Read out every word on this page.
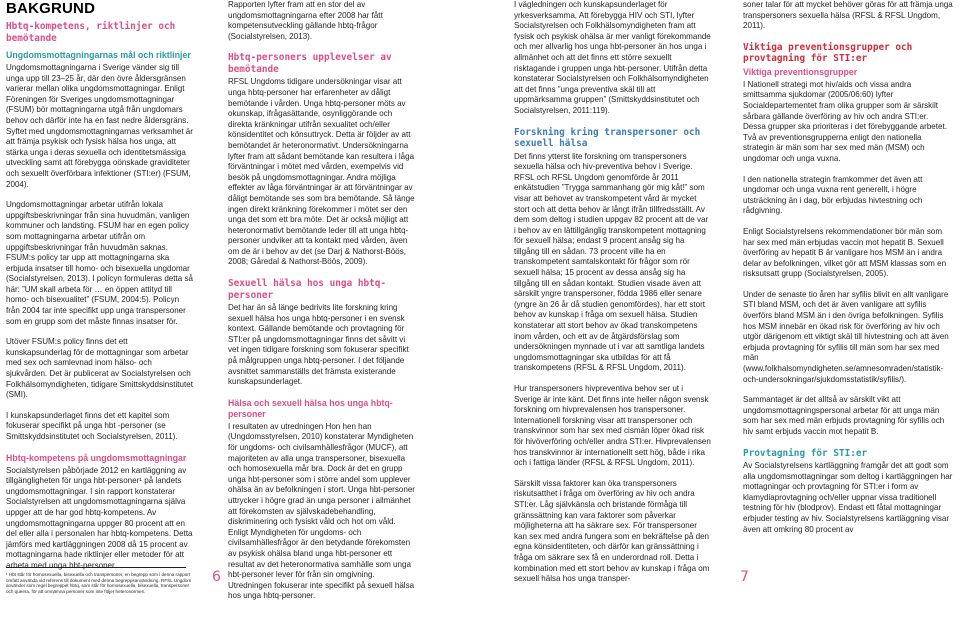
BAKGRUND
Hbtq-kompetens, riktlinjer och bemötande
Ungdomsmottagningarnas mål och riktlinjer

Ungdomsmottagningarna i Sverige vänder sig till unga upp till 23–25 år, där den övre åldersgränsen varierar mellan olika ungdomsmottagningar. Enligt Föreningen för Sveriges ungdomsmottagningar (FSUM) bör mottagningarna utgå från ungdomars behov och därför inte ha en fast nedre åldersgräns. Syftet med ungdomsmottagningarnas verksamhet är att främja psykisk och fysisk hälsa hos unga, att stärka unga i deras sexuella och identitetsmässiga utveckling samt att förebygga oönskade graviditeter och sexuellt överförbara infektioner (STI:er) (FSUM, 2004).

Ungdomsmottagningar arbetar utifrån lokala uppgiftsbeskrivningar från sina huvudmän, vanligen kommuner och landsting. FSUM har en egen policy som mottagningarna arbetar utifrån om uppgiftsbeskrivningar från huvudmän saknas. FSUM:s policy tar upp att mottagningarna ska erbjuda insatser till homo- och bisexuella ungdomar (Socialstyrelsen, 2013). I policyn formuleras detta så här: ”UM skall arbeta för … en öppen attityd till homo- och bisexualitet” (FSUM, 2004:5). Policyn från 2004 tar inte specifikt upp unga transpersoner som en grupp som det måste finnas insatser för.

Utöver FSUM:s policy finns det ett kunskapsunderlag för de mottagningar som arbetar med sex och samlevnad inom hälso- och sjukvården. Det är publicerat av Socialstyrelsen och Folkhälsomyndigheten, tidigare Smittskyddsinstitutet (SMI).

I kunskapsunderlaget finns det ett kapitel som fokuserar specifikt på unga hbt -personer (se Smittskyddsinstitutet och Socialstyrelsen, 2011).

Hbtq-kompetens på ungdomsmottagningar

Socialstyrelsen påbörjade 2012 en kartläggning av tillgängligheten för unga hbt-personer¹ på landets ungdomsmottagningar. I sin rapport konstaterar Socialstyrelsen att ungdomsmottagningarna själva uppger att de har god hbtq-kompetens. Av ungdomsmottagningarna uppger 80 procent att en del eller alla i personalen har hbtq-kompetens. Detta jämförs med kartläggningen 2008 då 15 procent av mottagningarna hade riktlinjer eller metoder för att arbeta med unga hbt-personer.

Rapporten lyfter fram att en stor del av ungdomsmottagningarna efter 2008 har fått kompetensutveckling gällande hbtq-frågor (Socialstyrelsen, 2013).

Hbtq-personers upplevelser av bemötande

RFSL Ungdoms tidigare undersökningar visar att unga hbtq-personer har erfarenheter av dåligt bemötande i vården. Unga hbtq-personer möts av okunskap, ifrågasättande, osynliggörande och direkta kränkningar utifrån sexualitet och/eller könsidentitet och könsuttryck. Detta är följder av att bemötandet är heteronormativt. Undersökningarna lyfter fram att sådant bemötande kan resultera i låga förväntningar i mötet med vården, exempelvis vid besök på ungdomsmottagningar. Andra möjliga effekter av låga förväntningar är att förväntningar av dåligt bemötande ses som bra bemötande. Så länge ingen direkt kränkning förekommer i mötet ser den unga det som ett bra möte. Det är också möjligt att heteronormativt bemötande leder till att unga hbtq-personer undviker att ta kontakt med vården, även om de är i behov av det (se Darj & Nathorst-Böös, 2008; Gåredal & Nathorst-Böös, 2009).

Sexuell hälsa hos unga hbtq-personer

Det har än så länge bedrivits lite forskning kring sexuell hälsa hos unga hbtq-personer i en svensk kontext. Gällande bemötande och provtagning för STI:er på ungdomsmottagningar finns det såvitt vi vet ingen tidigare forskning som fokuserar specifikt på målgruppen unga hbtq-personer. I det följande avsnittet sammanställs det främsta existerande kunskapsunderlaget.

Hälsa och sexuell hälsa hos unga hbtq-personer

I resultaten av utredningen Hon hen han (Ungdomsstyrelsen, 2010) konstaterar Myndigheten för ungdoms- och civilsamhällesfrågor (MUCF), att majoriteten av alla unga transpersoner, bisexuella och homosexuella mår bra. Dock är det en grupp unga hbt-personer som i större andel som upplever ohälsa än av befolkningen i stort. Unga hbt-personer uttrycker i högre grad än unga personer i allmänhet att förekomsten av självskadebehandling, diskriminering och fysiskt våld och hot om våld. Enligt Myndigheten för ungdoms- och civilsamhällesfrågor är den betydande förekomsten av psykisk ohälsa bland unga hbt-personer ett resultat av det heteronormativa samhälle som unga hbt-personer lever för från sin omgivning. Utredningen fokuserar inte specifikt på sexuell hälsa hos unga hbtq-personer.

I vägledningen och kunskapsunderlaget för yrkesverksamma, Att förebygga HIV och STI, lyfter Socialstyrelsen och Folkhälsomyndigheten fram att fysisk och psykisk ohälsa är mer vanligt förekommande och mer allvarlig hos unga hbt-personer än hos unga i allmänhet och att det finns ett större sexuellt risktagande i gruppen unga hbt-personer. Utifrån detta konstaterar Socialstyrelsen och Folkhälsomyndigheten att det finns ”unga preventiva skäl till att uppmärksamma gruppen” (Smittskyddsinstitutet och Socialstyrelsen, 2011:119).

Forskning kring transpersoner och sexuell hälsa

Det finns ytterst lite forskning om transpersoners sexuella hälsa och hiv-preventiva behov i Sverige. RFSL och RFSL Ungdom genomförde år 2011 enkätstudien ”Trygga sammanhang gör mig kåt!” som visar att behovet av transkompetent vård är mycket stort och att detta behov är långt ifrån tillfredsställt. Av dem som deltog i studien uppgav 82 procent att de var i behov av en lättillgänglig transkompetent mottagning för sexuell hälsa; endast 9 procent ansåg sig ha tillgång till en sådan. 73 procent ville ha en transkompetent samtalskontakt för frågor som rör sexuell hälsa; 15 procent av dessa ansåg sig ha tillgång till en sådan kontakt. Studien visade även att särskilt yngre transpersoner, födda 1986 eller senare (yngre än 26 år då studien genomfördes), har ett stort behov av kunskap i fråga om sexuell hälsa. Studien konstaterar att stort behov av ökad transkompetens inom vården, och ett av de åtgärdsförslag som undersökningen mynnade ut i var att samtliga landets ungdomsmottagningar ska utbildas för att få transkompetens (RFSL & RFSL Ungdom, 2011).

Hur transpersoners hivpreventiva behov ser ut i Sverige är inte känt. Det finns inte heller någon svensk forskning om hivprevalensen hos transpersoner. Internationell forskning visar att transpersoner och transkvinnor som har sex med cismän löper ökad risk för hivöverföring och/eller andra STI:er. Hivprevalensen hos transkvinnor är internationellt sett hög, både i rika och i fattiga länder (RFSL & RFSL Ungdom, 2011).

Särskilt vissa faktorer kan öka transpersoners riskutsatthet i fråga om överföring av hiv och andra STI:er. Låg självkänsla och bristande förmåga till gränssättning kan vara faktorer som påverkar möjligheterna att ha säkrare sex. För transpersoner kan sex med andra fungera som en bekräftelse på den egna könsidentiteten, och därför kan gränssättning i fråga om säkrare sex få en underordnad roll. Detta i kombination med ett stort behov av kunskap i fråga om sexuell hälsa hos unga transper-

soner talar för att mycket behöver göras för att främja unga transpersoners sexuella hälsa (RFSL & RFSL Ungdom, 2011).

Viktiga preventionsgrupper och provtagning för STI:er
Viktiga preventionsgrupper

I Nationell strategi mot hiv/aids och vissa andra smittsamma sjukdomar (2005/06:60) lyfter Socialdepartementet fram olika grupper som är särskilt sårbara gällande överföring av hiv och andra STI:er. Dessa grupper ska prioriteras i det förebyggande arbetet. Två av preventionsgrupperna enligt den nationella strategin är män som har sex med män (MSM) och ungdomar och unga vuxna.

I den nationella strategin framkommer det även att ungdomar och unga vuxna rent generellt, i högre utsträckning än i dag, bör erbjudas hivtestning och rådgivning.

Enligt Socialstyrelsens rekommendationer bör män som har sex med män erbjudas vaccin mot hepatit B. Sexuell överföring av hepatit B är vanligare hos MSM än i andra delar av befolkningen, vilket gör att MSM klassas som en risksutsatt grupp (Socialstyrelsen, 2005).

Under de senaste tio åren har syfilis blivit en allt vanligare STI bland MSM, och det är även vanligare att syfilis överförs bland MSM än i den övriga befolkningen. Syfilis hos MSM innebär en ökad risk för överföring av hiv och utgör därigenom ett viktigt skäl till hivtestning och att även erbjuda provtagning för syfilis till män som har sex med män (www.folkhalsomyndigheten.se/amnesomraden/statistik-och-undersokningar/sjukdomsstatistik/syfilis/).

Sammantaget är det alltså av särskilt vikt att ungdomsmottagningspersonal arbetar för att unga män som har sex med män erbjuds provtagning för syfilis och hiv samt erbjuds vaccin mot hepatit B.

Provtagning för STI:er

Av Socialstyrelsens kartläggning framgår det att godt som alla ungdomsmottagningar som deltog i kartläggningen har mottagningar och provtagning för STI:er i form av klamydiaprovtagning och/eller uppnar vissa traditionell testning för hiv (blodprov). Endast ett fåtal mottagningar erbjuder testing av hiv. Socialstyrelsens kartläggning visar även att omkring 80 procent av

¹ Hbt står för homosexuella, bisexuella och transpersoner, en begrepp som i denna rapport omfatt använda vid referens till dokument med denna begreppsanvändning. RFSL Ungdom använder som regel begreppet hbtq, som står för homosexuella, bisexuella, transpersoner och queera, för att omnämna personer som inte följer heteronormen.

6	7
